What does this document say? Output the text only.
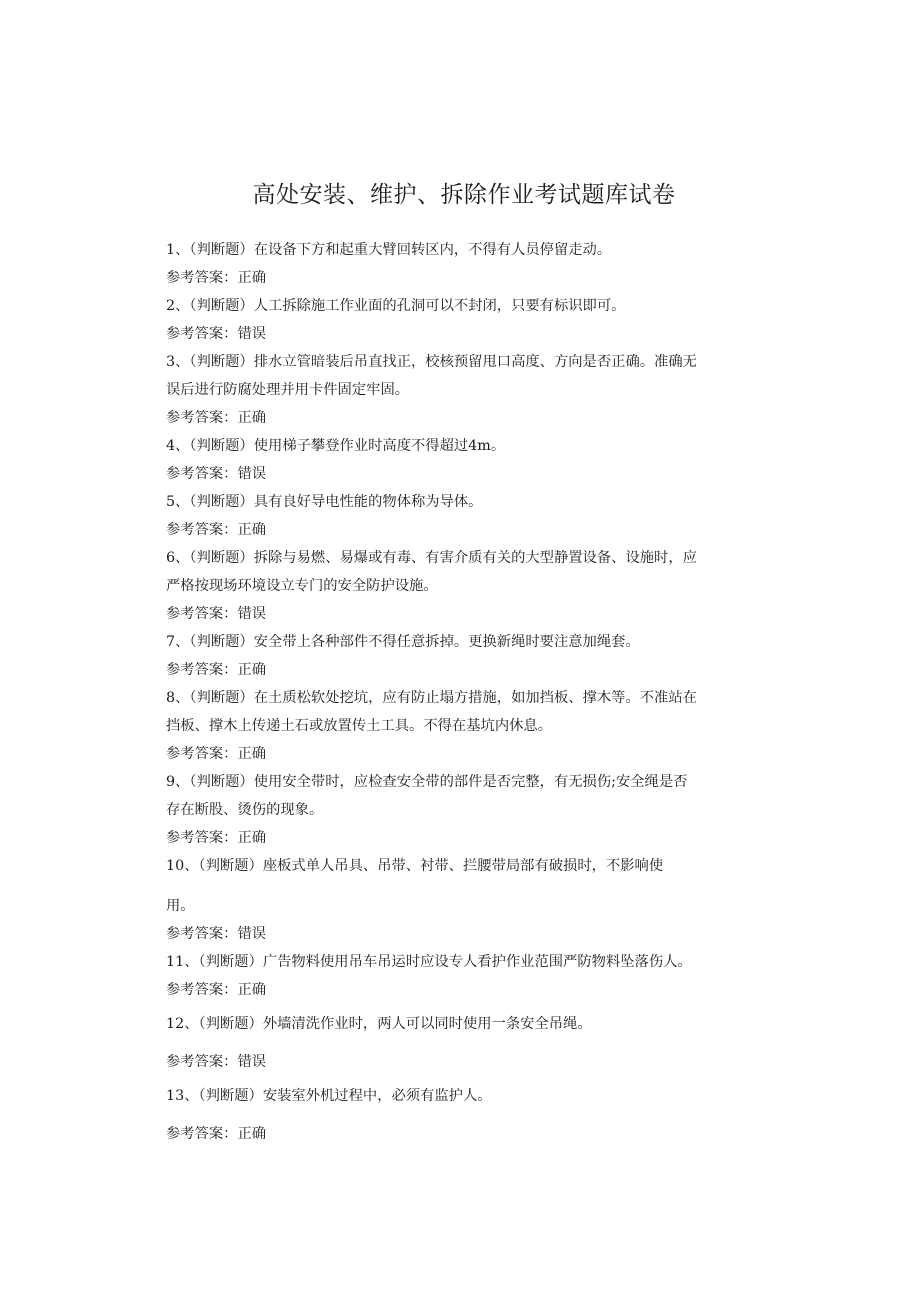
高处安装、维护、拆除作业考试题库试卷
1、（判断题）在设备下方和起重大臂回转区内，不得有人员停留走动。
参考答案：正确
2、（判断题）人工拆除施工作业面的孔洞可以不封闭，只要有标识即可。
参考答案：错误
3、（判断题）排水立管暗装后吊直找正，校核预留甩口高度、方向是否正确。准确无
误后进行防腐处理并用卡件固定牢固。
参考答案：正确
4、（判断题）使用梯子攀登作业时高度不得超过4m。
参考答案：错误
5、（判断题）具有良好导电性能的物体称为导体。
参考答案：正确
6、（判断题）拆除与易燃、易爆或有毒、有害介质有关的大型静置设备、设施时，应
严格按现场环境设立专门的安全防护设施。
参考答案：错误
7、（判断题）安全带上各种部件不得任意拆掉。更换新绳时要注意加绳套。
参考答案：正确
8、（判断题）在土质松软处挖坑，应有防止塌方措施，如加挡板、撑木等。不准站在
挡板、撑木上传递土石或放置传土工具。不得在基坑内休息。
参考答案：正确
9、（判断题）使用安全带时，应检查安全带的部件是否完整，有无损伤;安全绳是否
存在断股、烫伤的现象。
参考答案：正确
10、（判断题）座板式单人吊具、吊带、衬带、拦腰带局部有破损时，不影响使
用。
参考答案：错误
11、（判断题）广告物料使用吊车吊运时应设专人看护作业范围严防物料坠落伤人。
参考答案：正确
12、（判断题）外墙清洗作业时，两人可以同时使用一条安全吊绳。
参考答案：错误
13、（判断题）安装室外机过程中，必须有监护人。
参考答案：正确
